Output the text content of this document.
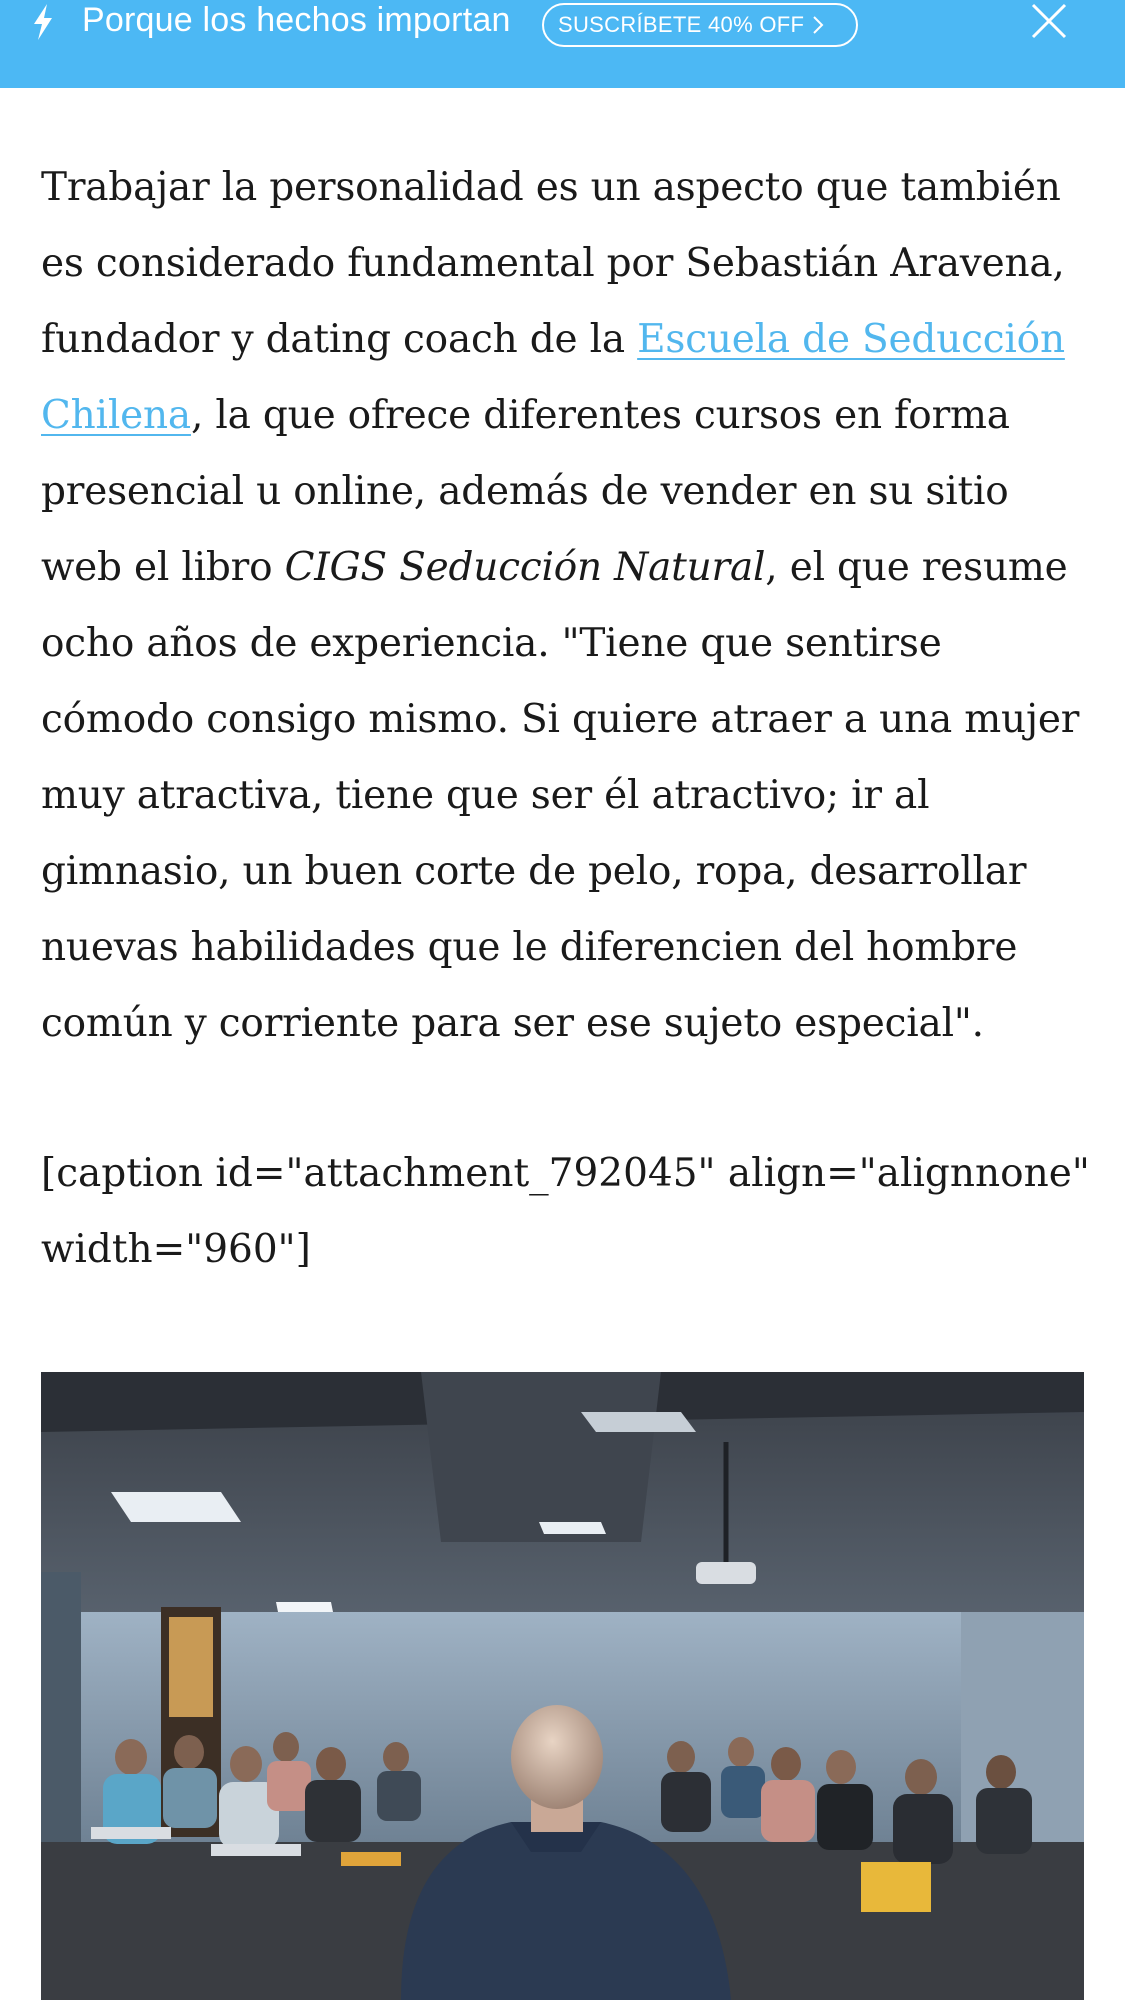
Porque los hechos importan SUSCRÍBETE 40% OFF

Trabajar la personalidad es un aspecto que también es considerado fundamental por Sebastián Aravena, fundador y dating coach de la Escuela de Seducción Chilena, la que ofrece diferentes cursos en forma presencial u online, además de vender en su sitio web el libro CIGS Seducción Natural, el que resume ocho años de experiencia. "Tiene que sentirse cómodo consigo mismo. Si quiere atraer a una mujer muy atractiva, tiene que ser él atractivo; ir al gimnasio, un buen corte de pelo, ropa, desarrollar nuevas habilidades que le diferencien del hombre común y corriente para ser ese sujeto especial".

[caption id="attachment_792045" align="alignnone" width="960"]
